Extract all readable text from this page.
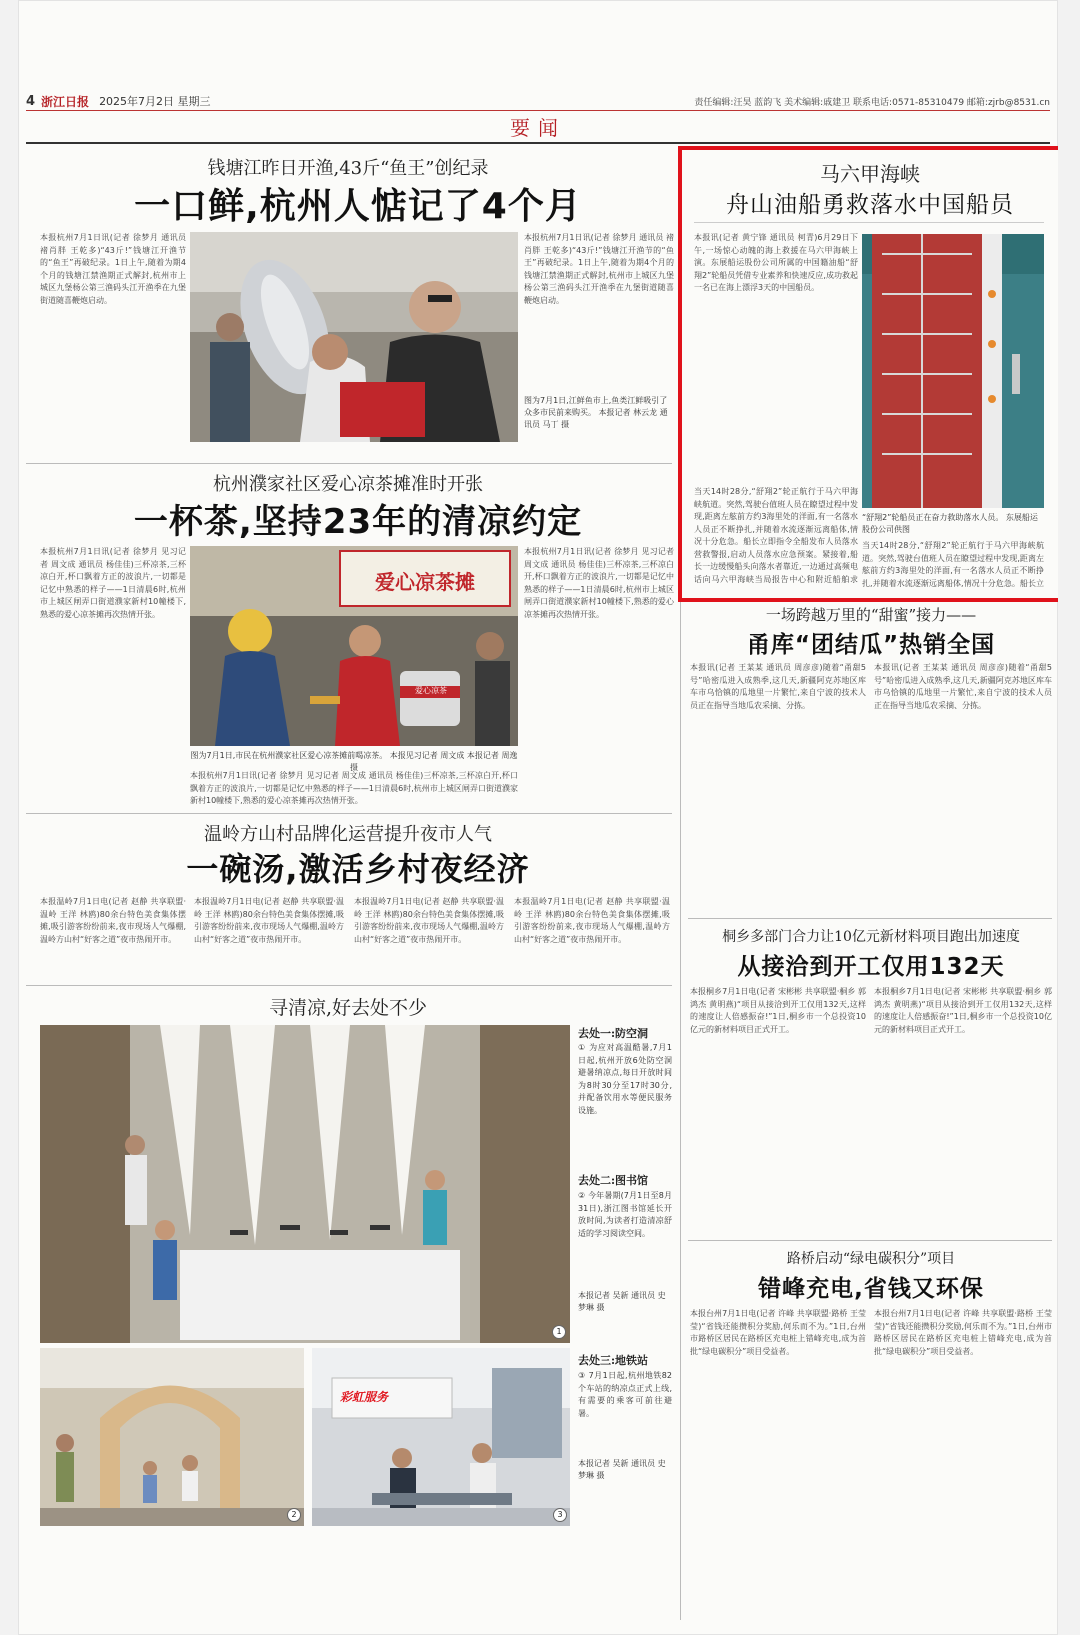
4 浙江日报 2025年7月2日 星期三	责任编辑:汪昊 蓝韵飞 美术编辑:戚建卫 联系电话:0571-85310479 邮箱:zjrb@8531.cn
要闻
钱塘江昨日开渔,43斤“鱼王”创纪录
一口鲜,杭州人惦记了4个月
本报杭州7月1日讯(记者 徐梦月 通讯员 褚肖胖 王乾多)“43斤!”钱塘江开渔节的“鱼王”再破纪录。1日上午,随着为期4个月的钱塘江禁渔期正式解封,杭州市上城区九堡杨公第三渔码头江开渔季在九堡街道随喜鞭炮启动。
本报杭州7月1日讯(记者 徐梦月 通讯员 褚肖胖 王乾多)“43斤!”钱塘江开渔节的“鱼王”再破纪录。1日上午,随着为期4个月的钱塘江禁渔期正式解封,杭州市上城区九堡杨公第三渔码头江开渔季在九堡街道随喜鞭炮启动。
图为7月1日,江鲜鱼市上,鱼类江鲜吸引了众多市民前来购买。 本报记者 林云龙 通讯员 马丁 摄
杭州濮家社区爱心凉茶摊准时开张
一杯茶,坚持23年的清凉约定
本报杭州7月1日讯(记者 徐梦月 见习记者 周文成 通讯员 杨佳佳)三杯凉茶,三杯凉白开,杯口飘着方正的波浪片,一切都是记忆中熟悉的样子——1日清晨6时,杭州市上城区闸弄口街道濮家新村10幢楼下,熟悉的爱心凉茶摊再次热情开张。
爱心凉茶摊
爱心凉茶
图为7月1日,市民在杭州濮家社区爱心凉茶摊前喝凉茶。 本报见习记者 周文成 本报记者 周逸 摄
本报杭州7月1日讯(记者 徐梦月 见习记者 周文成 通讯员 杨佳佳)三杯凉茶,三杯凉白开,杯口飘着方正的波浪片,一切都是记忆中熟悉的样子——1日清晨6时,杭州市上城区闸弄口街道濮家新村10幢楼下,熟悉的爱心凉茶摊再次热情开张。
本报杭州7月1日讯(记者 徐梦月 见习记者 周文成 通讯员 杨佳佳)三杯凉茶,三杯凉白开,杯口飘着方正的波浪片,一切都是记忆中熟悉的样子——1日清晨6时,杭州市上城区闸弄口街道濮家新村10幢楼下,熟悉的爱心凉茶摊再次热情开张。
温岭方山村品牌化运营提升夜市人气
一碗汤,激活乡村夜经济
本报温岭7月1日电(记者 赵静 共享联盟·温岭 王洋 林鸥)80余台特色美食集体摆摊,吸引游客纷纷前来,夜市现场人气爆棚,温岭方山村“好客之道”夜市热闹开市。
本报温岭7月1日电(记者 赵静 共享联盟·温岭 王洋 林鸥)80余台特色美食集体摆摊,吸引游客纷纷前来,夜市现场人气爆棚,温岭方山村“好客之道”夜市热闹开市。
本报温岭7月1日电(记者 赵静 共享联盟·温岭 王洋 林鸥)80余台特色美食集体摆摊,吸引游客纷纷前来,夜市现场人气爆棚,温岭方山村“好客之道”夜市热闹开市。
本报温岭7月1日电(记者 赵静 共享联盟·温岭 王洋 林鸥)80余台特色美食集体摆摊,吸引游客纷纷前来,夜市现场人气爆棚,温岭方山村“好客之道”夜市热闹开市。
寻清凉,好去处不少
1
去处一:防空洞
① 为应对高温酷暑,7月1日起,杭州开放6处防空洞避暑纳凉点,每日开放时间为8时30分至17时30分,并配备饮用水等便民服务设施。
去处二:图书馆
② 今年暑期(7月1日至8月31日),浙江图书馆延长开放时间,为读者打造清凉舒适的学习阅读空间。
本报记者 吴新 通讯员 史梦琳 摄
去处三:地铁站
③ 7月1日起,杭州地铁82个车站的纳凉点正式上线,有需要的乘客可前往避暑。
本报记者 吴新 通讯员 史梦琳 摄
2
彩虹服务
3
马六甲海峡
舟山油船勇救落水中国船员
本报讯(记者 黄宁锋 通讯员 柯青)6月29日下午,一场惊心动魄的海上救援在马六甲海峡上演。东展船运股份公司所属的中国籍油船“舒翔2”轮船员凭借专业素养和快速反应,成功救起一名已在海上漂浮3天的中国船员。
“舒翔2”轮船员正在奋力救助落水人员。 东展船运股份公司供图
当天14时28分,“舒翔2”轮正航行于马六甲海峡航道。突然,驾驶台值班人员在瞭望过程中发现,距离左舷前方约3海里处的洋面,有一名落水人员正不断挣扎,并随着水流逐渐远离船体,情况十分危急。船长立即指令全船发布人员落水营救警报,启动人员落水应急预案。紧接着,船长一边缓慢船头向落水者靠近,一边通过高频电话向马六甲海峡当局报告中心和附近船舶求
当天14时28分,“舒翔2”轮正航行于马六甲海峡航道。突然,驾驶台值班人员在瞭望过程中发现,距离左舷前方约3海里处的洋面,有一名落水人员正不断挣扎,并随着水流逐渐远离船体,情况十分危急。船长立
一场跨越万里的“甜蜜”接力——
甬库“团结瓜”热销全国
本报讯(记者 王某某 通讯员 周彦彦)随着“甬甜5号”哈密瓜进入成熟季,这几天,新疆阿克苏地区库车市乌恰镇的瓜地里一片繁忙,来自宁波的技术人员正在指导当地瓜农采摘、分拣。
本报讯(记者 王某某 通讯员 周彦彦)随着“甬甜5号”哈密瓜进入成熟季,这几天,新疆阿克苏地区库车市乌恰镇的瓜地里一片繁忙,来自宁波的技术人员正在指导当地瓜农采摘、分拣。
桐乡多部门合力让10亿元新材料项目跑出加速度
从接洽到开工仅用132天
本报桐乡7月1日电(记者 宋彬彬 共享联盟·桐乡 郭鸿杰 黄明燕)“项目从接洽到开工仅用132天,这样的速度让人倍感振奋!”1日,桐乡市一个总投资10亿元的新材料项目正式开工。
本报桐乡7月1日电(记者 宋彬彬 共享联盟·桐乡 郭鸿杰 黄明燕)“项目从接洽到开工仅用132天,这样的速度让人倍感振奋!”1日,桐乡市一个总投资10亿元的新材料项目正式开工。
路桥启动“绿电碳积分”项目
错峰充电,省钱又环保
本报台州7月1日电(记者 许峰 共享联盟·路桥 王莹莹)“省钱还能攒积分奖励,何乐而不为。”1日,台州市路桥区居民在路桥区充电桩上错峰充电,成为首批“绿电碳积分”项目受益者。
本报台州7月1日电(记者 许峰 共享联盟·路桥 王莹莹)“省钱还能攒积分奖励,何乐而不为。”1日,台州市路桥区居民在路桥区充电桩上错峰充电,成为首批“绿电碳积分”项目受益者。
